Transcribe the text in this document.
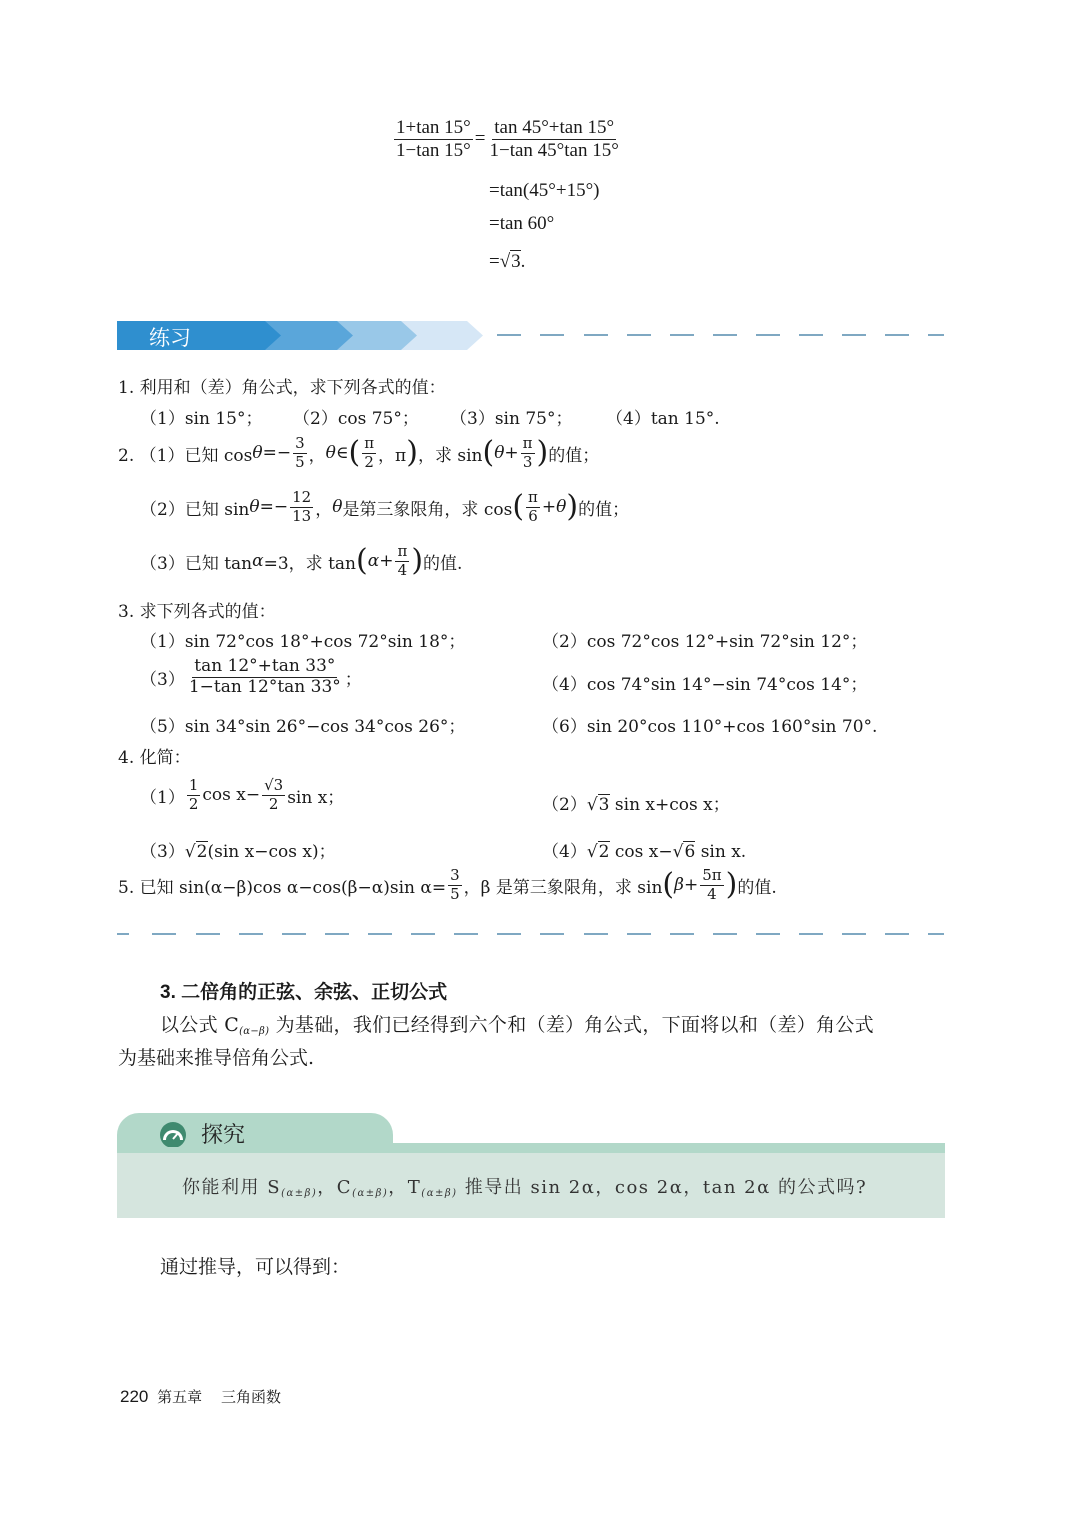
$\frac{1+\tan 15^\circ}{1-\tan 15^\circ} = \frac{\tan 45^\circ+\tan 15^\circ}{1-\tan 45^\circ\tan 15^\circ}$
=tan(45°+15°)
=tan 60°
=√3.
练习
1. 利用和（差）角公式，求下列各式的值：
（1）sin 15°； （2）cos 75°； （3）sin 75°； （4）tan 15°.
2. （1）已知 $\cos \theta =- \frac{3}{5}$ ， θ ∈ ( $\frac{\pi}{2}$ ，π ) ，求 sin ( $\theta+ \frac{\pi}{3}$ ) 的值；
（2）已知 $\sin \theta =- \frac{12}{13}$ ， θ 是第三象限角，求 cos ( $\frac{\pi}{6} + \theta$ ) 的值；
（3）已知 tan α =3，求 tan ( $\alpha + \frac{\pi}{4}$ ) 的值.
3. 求下列各式的值：
（1）sin 72°cos 18°+cos 72°sin 18°；	（2）cos 72°cos 12°+sin 72°sin 12°；
$(3) \frac{\tan 12^\circ+\tan 33^\circ}{1-\tan 12^\circ\tan 33^\circ}$ ；	（4）cos 74°sin 14°−sin 74°cos 14°；
（5）sin 34°sin 26°−cos 34°cos 26°；	（6）sin 20°cos 110°+cos 160°sin 70°.
4. 化简：
$(1) \frac{1}{2}$ $\cos x- \frac{√3}{2}$ sin x；	（2）√3 sin x+cos x；
（3）√2(sin x−cos x)；	（4）√2 cos x−√6 sin x.
5. 已知 sin(α−β)cos α−cos(β−α)sin $\alpha= \frac{3}{5}$ ，β 是第三象限角，求 sin ( $\beta+ \frac{5\pi}{4}$ ) 的值.
3. 二倍角的正弦、余弦、正切公式
以公式 $C_{(\alpha-\beta)}$ 为基础，我们已经得到六个和（差）角公式，下面将以和（差）角公式
为基础来推导倍角公式.
探究
你能利用 $S_{(\alpha\pm\beta)}$，$C_{(\alpha\pm\beta)}$，$T_{(\alpha\pm\beta)}$ 推导出 sin 2α，cos 2α，tan 2α 的公式吗?
通过推导，可以得到：
220 第五章 三角函数
